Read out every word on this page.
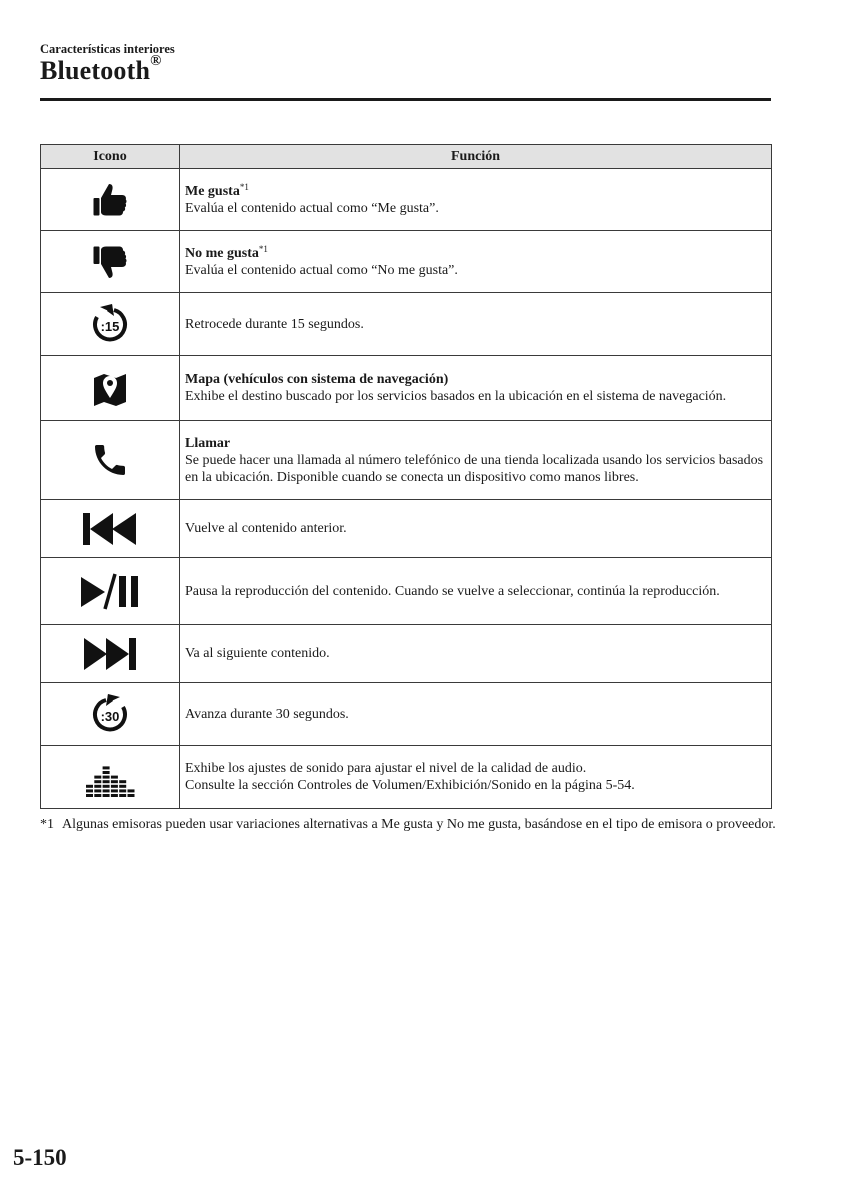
Características interiores
Bluetooth®
Icono	Función

Me gusta$^{*1}$
Evalúa el contenido actual como “Me gusta”.

No me gusta$^{*1}$
Evalúa el contenido actual como “No me gusta”.

:15	Retrocede durante 15 segundos.

Mapa (vehículos con sistema de navegación)
Exhibe el destino buscado por los servicios basados en la ubicación en el sistema de navegación.

Llamar
Se puede hacer una llamada al número telefónico de una tienda localizada usando los servicios basados en la ubicación. Disponible cuando se conecta un dispositivo como manos libres.

Vuelve al contenido anterior.

Pausa la reproducción del contenido. Cuando se vuelve a seleccionar, continúa la reproducción.

Va al siguiente contenido.

:30	Avanza durante 30 segundos.

Exhibe los ajustes de sonido para ajustar el nivel de la calidad de audio.
Consulte la sección Controles de Volumen/Exhibición/Sonido en la página 5-54.
*1 Algunas emisoras pueden usar variaciones alternativas a Me gusta y No me gusta, basándose en el tipo de emisora o proveedor.
5-150
